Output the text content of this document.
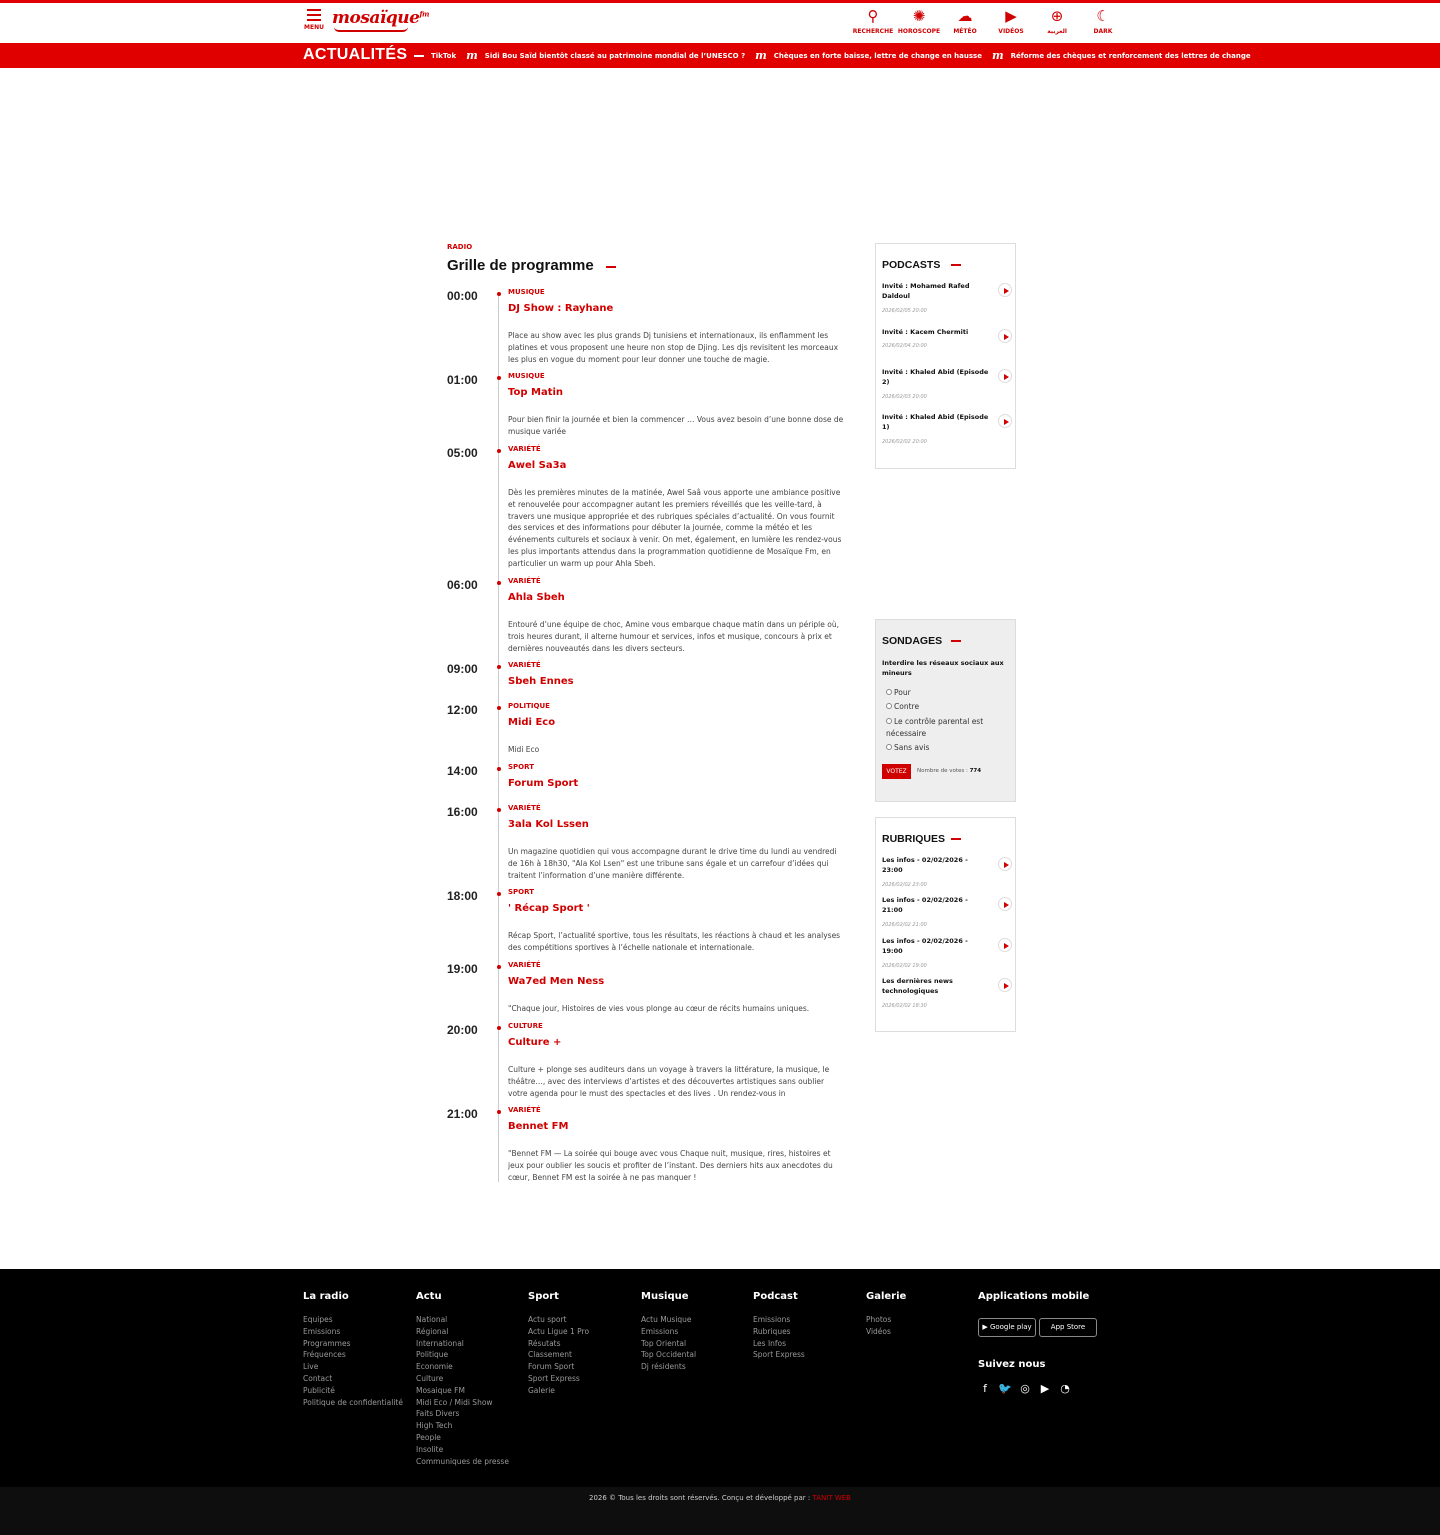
MENU mosaïque$^{fm}$	⚲
RECHERCHE
✺
HOROSCOPE
☁
MÉTÉO
▶
VIDÉOS
⊕
العربية
☾
DARK
ACTUALITÉS	TikTok m Sidi Bou Saïd bientôt classé au patrimoine mondial de l’UNESCO ? m Chèques en forte baisse, lettre de change en hausse m Réforme des chèques et renforcement des lettres de change
RADIO
Grille de programme
00:00	MUSIQUE
DJ Show : Rayhane
Place au show avec les plus grands Dj tunisiens et internationaux, ils enflamment les platines et vous proposent une heure non stop de Djing. Les djs revisitent les morceaux les plus en vogue du moment pour leur donner une touche de magie.
01:00	MUSIQUE
Top Matin
Pour bien finir la journée et bien la commencer … Vous avez besoin d’une bonne dose de musique variée
05:00	VARIÉTÉ
Awel Sa3a
Dès les premières minutes de la matinée, Awel Saâ vous apporte une ambiance positive et renouvelée pour accompagner autant les premiers réveillés que les veille-tard, à travers une musique appropriée et des rubriques spéciales d’actualité. On vous fournit des services et des informations pour débuter la journée, comme la météo et les événements culturels et sociaux à venir. On met, également, en lumière les rendez-vous les plus importants attendus dans la programmation quotidienne de Mosaïque Fm, en particulier un warm up pour Ahla Sbeh.
06:00	VARIÉTÉ
Ahla Sbeh
Entouré d’une équipe de choc, Amine vous embarque chaque matin dans un périple où, trois heures durant, il alterne humour et services, infos et musique, concours à prix et dernières nouveautés dans les divers secteurs.
09:00	VARIÉTÉ
Sbeh Ennes
12:00	POLITIQUE
Midi Eco
Midi Eco
14:00	SPORT
Forum Sport
16:00	VARIÉTÉ
3ala Kol Lssen
Un magazine quotidien qui vous accompagne durant le drive time du lundi au vendredi de 16h à 18h30, "Ala Kol Lsen" est une tribune sans égale et un carrefour d’idées qui traitent l’information d’une manière différente.
18:00	SPORT
' Récap Sport '
Récap Sport, l’actualité sportive, tous les résultats, les réactions à chaud et les analyses des compétitions sportives à l’échelle nationale et internationale.
19:00	VARIÉTÉ
Wa7ed Men Ness
"Chaque jour, Histoires de vies vous plonge au cœur de récits humains uniques.
20:00	CULTURE
Culture +
Culture + plonge ses auditeurs dans un voyage à travers la littérature, la musique, le théâtre…, avec des interviews d’artistes et des découvertes artistiques sans oublier votre agenda pour le must des spectacles et des lives . Un rendez-vous in
21:00	VARIÉTÉ
Bennet FM
"Bennet FM — La soirée qui bouge avec vous Chaque nuit, musique, rires, histoires et jeux pour oublier les soucis et profiter de l’instant. Des derniers hits aux anecdotes du cœur, Bennet FM est la soirée à ne pas manquer !
PODCASTS
Invité : Mohamed Rafed Daldoul
2026/02/05 20:00
Invité : Kacem Chermiti
2026/02/04 20:00
Invité : Khaled Abid (Episode 2)
2026/02/03 20:00
Invité : Khaled Abid (Episode 1)
2026/02/02 20:00
SONDAGES
Interdire les réseaux sociaux aux mineurs
Pour
Contre
Le contrôle parental est nécessaire
Sans avis
VOTEZ	Nombre de votes : 774
RUBRIQUES
Les infos - 02/02/2026 - 23:00
2026/02/02 23:00
Les infos - 02/02/2026 - 21:00
2026/02/02 21:00
Les infos - 02/02/2026 - 19:00
2026/02/02 19:00
Les dernières news technologiques
2026/02/02 18:30
Applications mobile
▶ Google play	App Store
Suivez nous
f	🐦 ◎ ▶ ◔
La radio
Equipes
Emissions
Programmes
Fréquences
Live
Contact
Publicité
Politique de confidentialité
Actu
National
Régional
International
Politique
Economie
Culture
Mosaique FM
Midi Eco / Midi Show
Faits Divers
High Tech
People
Insolite
Communiques de presse
Sport
Actu sport
Actu Ligue 1 Pro
Résutats
Classement
Forum Sport
Sport Express
Galerie
Musique
Actu Musique
Emissions
Top Oriental
Top Occidental
Dj résidents
Podcast
Emissions
Rubriques
Les Infos
Sport Express
Galerie
Photos
Vidéos
2026 © Tous les droits sont réservés. Conçu et développé par : TANIT WEB
